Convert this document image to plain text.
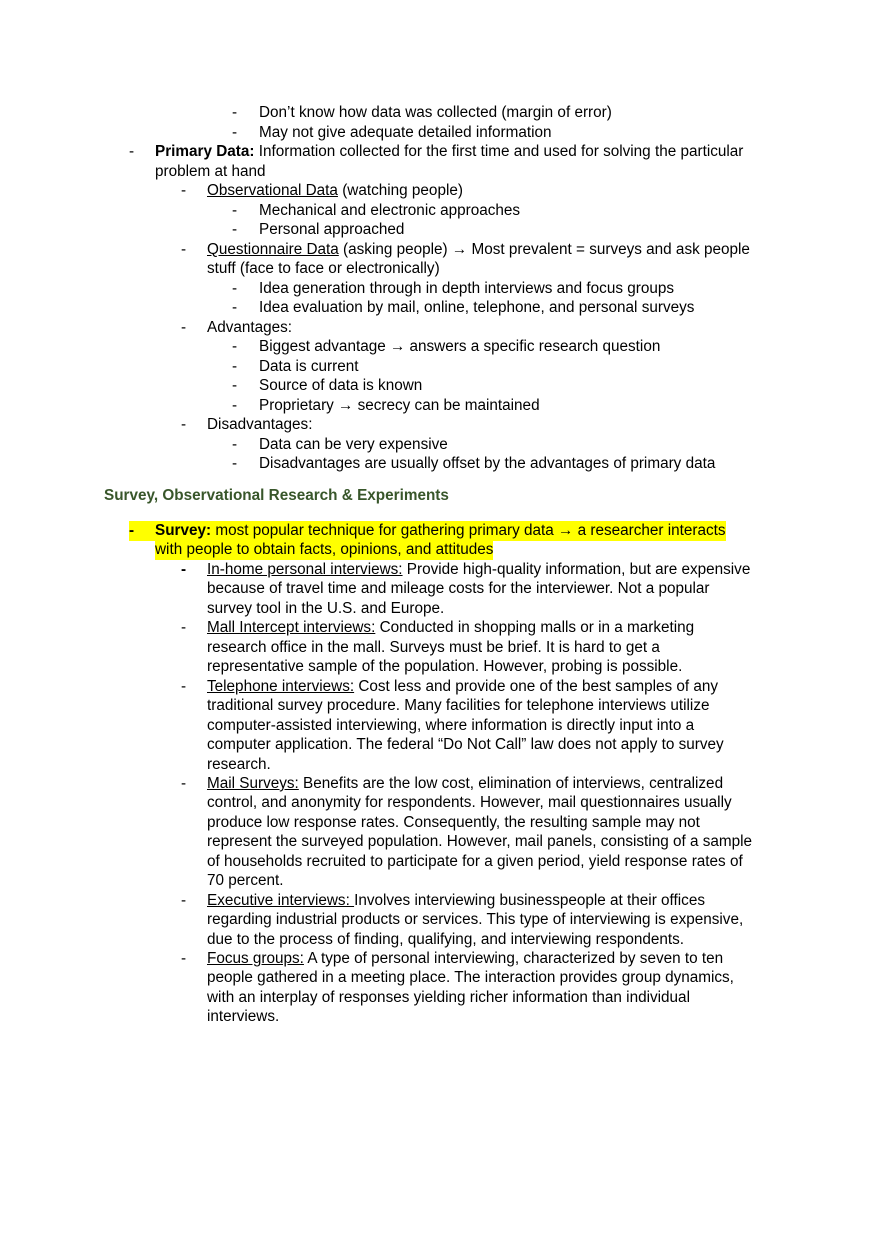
-	Don’t know how data was collected (margin of error)
-	May not give adequate detailed information
-	Primary Data: Information collected for the first time and used for solving the particular
problem at hand
-	Observational Data (watching people)
-	Mechanical and electronic approaches
-	Personal approached
-	Questionnaire Data (asking people) → Most prevalent = surveys and ask people
stuff (face to face or electronically)
-	Idea generation through in depth interviews and focus groups
-	Idea evaluation by mail, online, telephone, and personal surveys
-	Advantages:
-	Biggest advantage → answers a specific research question
-	Data is current
-	Source of data is known
-	Proprietary → secrecy can be maintained
-	Disadvantages:
-	Data can be very expensive
-	Disadvantages are usually offset by the advantages of primary data
Survey, Observational Research & Experiments
-	Survey: most popular technique for gathering primary data → a researcher interacts
with people to obtain facts, opinions, and attitudes
-	In-home personal interviews: Provide high-quality information, but are expensive
because of travel time and mileage costs for the interviewer. Not a popular
survey tool in the U.S. and Europe.
-	Mall Intercept interviews: Conducted in shopping malls or in a marketing
research office in the mall. Surveys must be brief. It is hard to get a
representative sample of the population. However, probing is possible.
-	Telephone interviews: Cost less and provide one of the best samples of any
traditional survey procedure. Many facilities for telephone interviews utilize
computer-assisted interviewing, where information is directly input into a
computer application. The federal “Do Not Call” law does not apply to survey
research.
-	Mail Surveys: Benefits are the low cost, elimination of interviews, centralized
control, and anonymity for respondents. However, mail questionnaires usually
produce low response rates. Consequently, the resulting sample may not
represent the surveyed population. However, mail panels, consisting of a sample
of households recruited to participate for a given period, yield response rates of
70 percent.
-	Executive interviews: Involves interviewing businesspeople at their offices
regarding industrial products or services. This type of interviewing is expensive,
due to the process of finding, qualifying, and interviewing respondents.
-	Focus groups: A type of personal interviewing, characterized by seven to ten
people gathered in a meeting place. The interaction provides group dynamics,
with an interplay of responses yielding richer information than individual
interviews.
